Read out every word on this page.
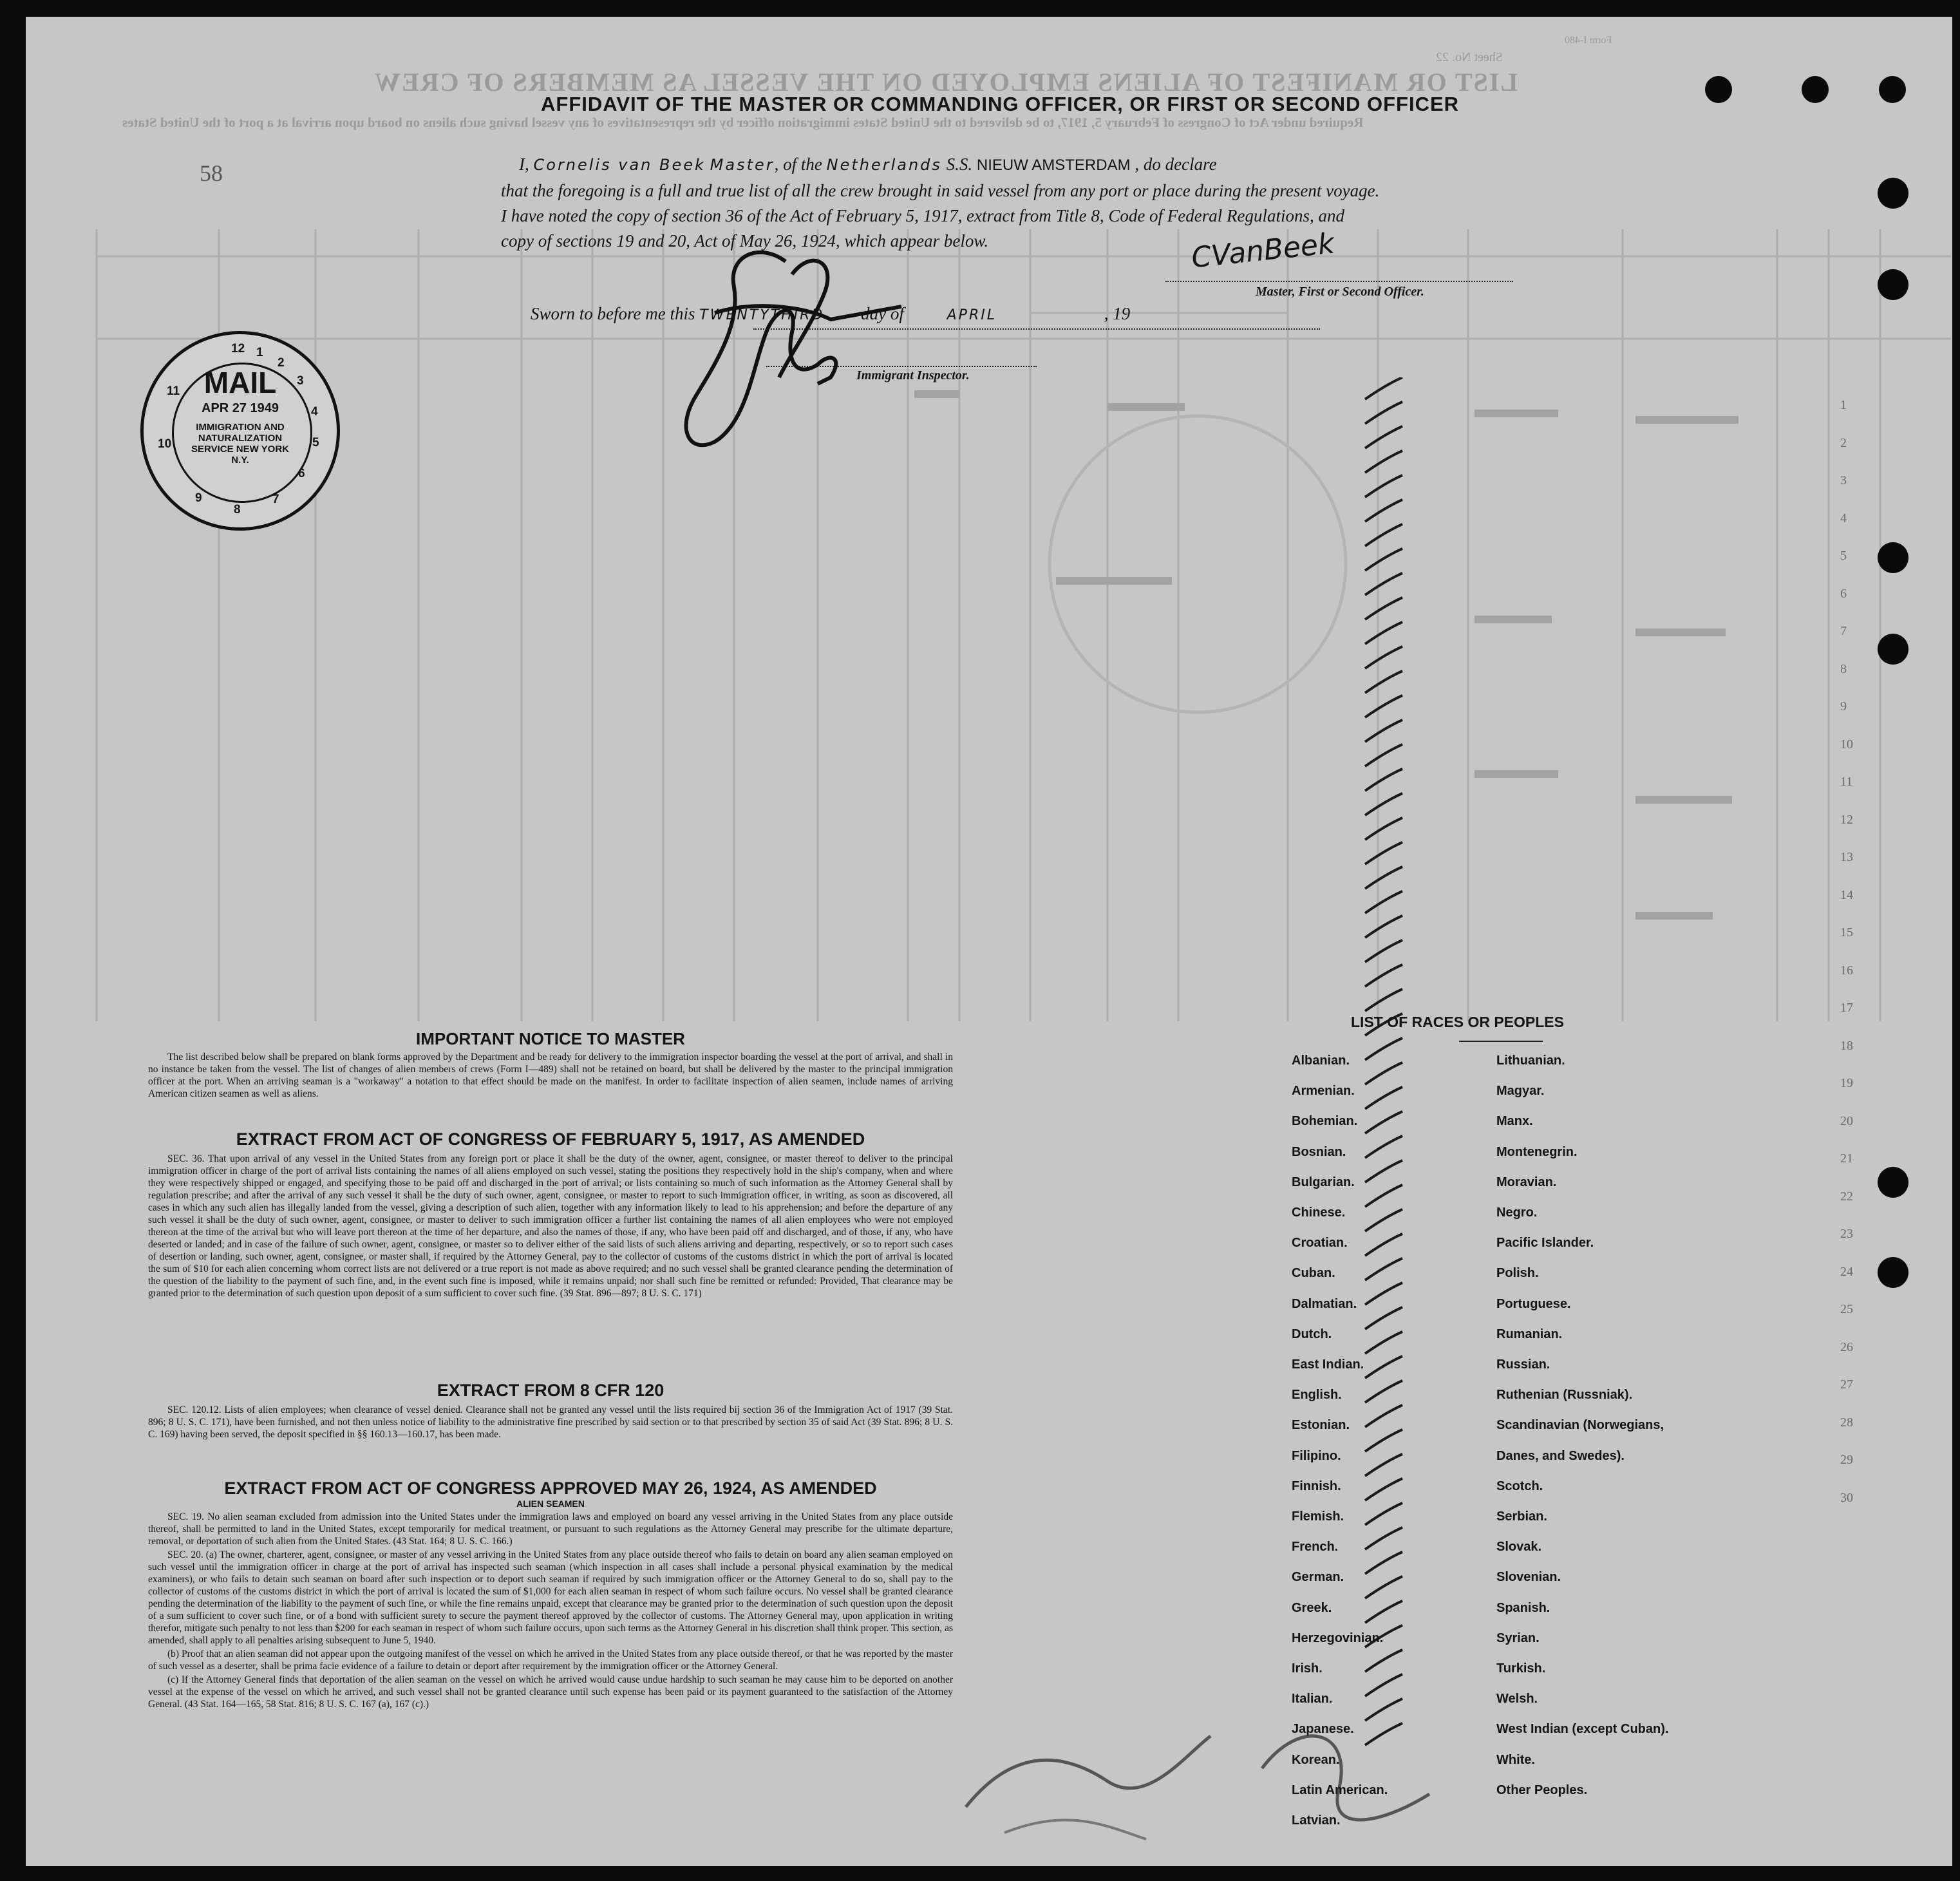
LIST OR MANIFEST OF ALIENS EMPLOYED ON THE VESSEL AS MEMBERS OF CREW
Required under Act of Congress of February 5, 1917, to be delivered to the United States immigration officer by the representatives of any vessel having such aliens on board upon arrival at a port of the United States
Form I-480
Sheet No. 22
58
AFFIDAVIT OF THE MASTER OR COMMANDING OFFICER, OR FIRST OR SECOND OFFICER
I, Cornelis van Beek Master, of the Netherlands S.S. NIEUW AMSTERDAM , do declare
that the foregoing is a full and true list of all the crew brought in said vessel from any port or place during the present voyage.
I have noted the copy of section 36 of the Act of February 5, 1917, extract from Title 8, Code of Federal Regulations, and
copy of sections 19 and 20, Act of May 26, 1924, which appear below.	CVanBeek
Master, First or Second Officer.
Sworn to before me this TWENTYTHIRD day of	APRIL	, 19
Immigrant Inspector.
MAIL
APR 27 1949
IMMIGRATION AND NATURALIZATION SERVICE NEW YORK N.Y.
12 1
2
3
4
5
6
7
8
9
10
11
IMPORTANT NOTICE TO MASTER

The list described below shall be prepared on blank forms approved by the Department and be ready for delivery to the immigration inspector boarding the vessel at the port of arrival, and shall in no instance be taken from the vessel. The list of changes of alien members of crews (Form I—489) shall not be retained on board, but shall be delivered by the master to the principal immigration officer at the port. When an arriving seaman is a "workaway" a notation to that effect should be made on the manifest. In order to facilitate inspection of alien seamen, include names of arriving American citizen seamen as well as aliens.

EXTRACT FROM ACT OF CONGRESS OF FEBRUARY 5, 1917, AS AMENDED

SEC. 36. That upon arrival of any vessel in the United States from any foreign port or place it shall be the duty of the owner, agent, consignee, or master thereof to deliver to the principal immigration officer in charge of the port of arrival lists containing the names of all aliens employed on such vessel, stating the positions they respectively hold in the ship's company, when and where they were respectively shipped or engaged, and specifying those to be paid off and discharged in the port of arrival; or lists containing so much of such information as the Attorney General shall by regulation prescribe; and after the arrival of any such vessel it shall be the duty of such owner, agent, consignee, or master to report to such immigration officer, in writing, as soon as discovered, all cases in which any such alien has illegally landed from the vessel, giving a description of such alien, together with any information likely to lead to his apprehension; and before the departure of any such vessel it shall be the duty of such owner, agent, consignee, or master to deliver to such immigration officer a further list containing the names of all alien employees who were not employed thereon at the time of the arrival but who will leave port thereon at the time of her departure, and also the names of those, if any, who have been paid off and discharged, and of those, if any, who have deserted or landed; and in case of the failure of such owner, agent, consignee, or master so to deliver either of the said lists of such aliens arriving and departing, respectively, or so to report such cases of desertion or landing, such owner, agent, consignee, or master shall, if required by the Attorney General, pay to the collector of customs of the customs district in which the port of arrival is located the sum of $10 for each alien concerning whom correct lists are not delivered or a true report is not made as above required; and no such vessel shall be granted clearance pending the determination of the question of the liability to the payment of such fine, and, in the event such fine is imposed, while it remains unpaid; nor shall such fine be remitted or refunded: Provided, That clearance may be granted prior to the determination of such question upon deposit of a sum sufficient to cover such fine. (39 Stat. 896—897; 8 U. S. C. 171)

EXTRACT FROM 8 CFR 120

SEC. 120.12. Lists of alien employees; when clearance of vessel denied. Clearance shall not be granted any vessel until the lists required bij section 36 of the Immigration Act of 1917 (39 Stat. 896; 8 U. S. C. 171), have been furnished, and not then unless notice of liability to the administrative fine prescribed by said section or to that prescribed by section 35 of said Act (39 Stat. 896; 8 U. S. C. 169) having been served, the deposit specified in §§ 160.13—160.17, has been made.

EXTRACT FROM ACT OF CONGRESS APPROVED MAY 26, 1924, AS AMENDED
ALIEN SEAMEN

SEC. 19. No alien seaman excluded from admission into the United States under the immigration laws and employed on board any vessel arriving in the United States from any place outside thereof, shall be permitted to land in the United States, except temporarily for medical treatment, or pursuant to such regulations as the Attorney General may prescribe for the ultimate departure, removal, or deportation of such alien from the United States. (43 Stat. 164; 8 U. S. C. 166.)

SEC. 20. (a) The owner, charterer, agent, consignee, or master of any vessel arriving in the United States from any place outside thereof who fails to detain on board any alien seaman employed on such vessel until the immigration officer in charge at the port of arrival has inspected such seaman (which inspection in all cases shall include a personal physical examination by the medical examiners), or who fails to detain such seaman on board after such inspection or to deport such seaman if required by such immigration officer or the Attorney General to do so, shall pay to the collector of customs of the customs district in which the port of arrival is located the sum of $1,000 for each alien seaman in respect of whom such failure occurs. No vessel shall be granted clearance pending the determination of the liability to the payment of such fine, or while the fine remains unpaid, except that clearance may be granted prior to the determination of such question upon the deposit of a sum sufficient to cover such fine, or of a bond with sufficient surety to secure the payment thereof approved by the collector of customs. The Attorney General may, upon application in writing therefor, mitigate such penalty to not less than $200 for each seaman in respect of whom such failure occurs, upon such terms as the Attorney General in his discretion shall think proper. This section, as amended, shall apply to all penalties arising subsequent to June 5, 1940.

(b) Proof that an alien seaman did not appear upon the outgoing manifest of the vessel on which he arrived in the United States from any place outside thereof, or that he was reported by the master of such vessel as a deserter, shall be prima facie evidence of a failure to detain or deport after requirement by the immigration officer or the Attorney General.

(c) If the Attorney General finds that deportation of the alien seaman on the vessel on which he arrived would cause undue hardship to such seaman he may cause him to be deported on another vessel at the expense of the vessel on which he arrived, and such vessel shall not be granted clearance until such expense has been paid or its payment guaranteed to the satisfaction of the Attorney General. (43 Stat. 164—165, 58 Stat. 816; 8 U. S. C. 167 (a), 167 (c).)

LIST OF RACES OR PEOPLES
Albanian.
Armenian.
Bohemian.
Bosnian.
Bulgarian.
Chinese.
Croatian.
Cuban.
Dalmatian.
Dutch.
East Indian.
English.
Estonian.
Filipino.
Finnish.
Flemish.
French.
German.
Greek.
Herzegovinian.
Irish.
Italian.
Japanese.
Korean.
Latin American.
Latvian.
Lithuanian.
Magyar.
Manx.
Montenegrin.
Moravian.
Negro.
Pacific Islander.
Polish.
Portuguese.
Rumanian.
Russian.
Ruthenian (Russniak).
Scandinavian (Norwegians,
Danes, and Swedes).
Scotch.
Serbian.
Slovak.
Slovenian.
Spanish.
Syrian.
Turkish.
Welsh.
West Indian (except Cuban).
White.
Other Peoples.
1
2
3
4
5
6
7
8
9
10
11
12
13
14
15
16
17
18
19
20
21
22
23
24
25
26
27
28
29
30
